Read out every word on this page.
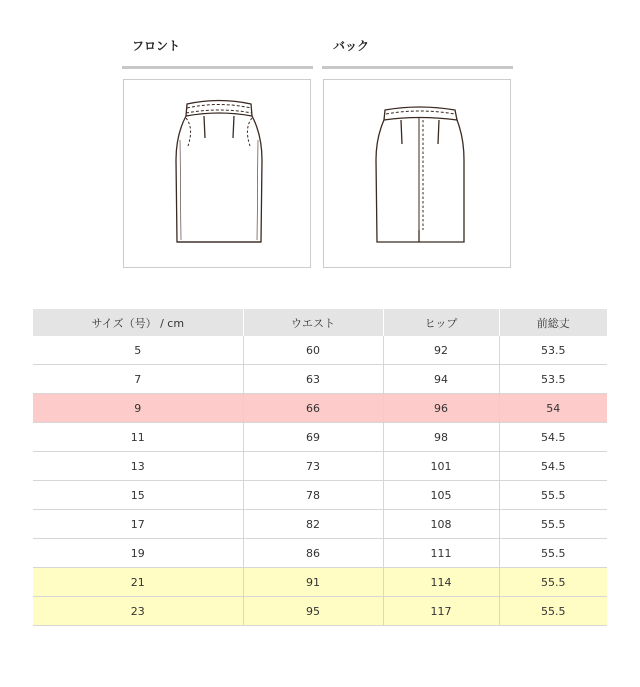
フロント	バック
サイズ（号） / cm	ウエスト	ヒップ	前総丈
5	60	92	53.5
7	63	94	53.5
9	66	96	54
11	69	98	54.5
13	73	101	54.5
15	78	105	55.5
17	82	108	55.5
19	86	111	55.5
21	91	114	55.5
23	95	117	55.5
